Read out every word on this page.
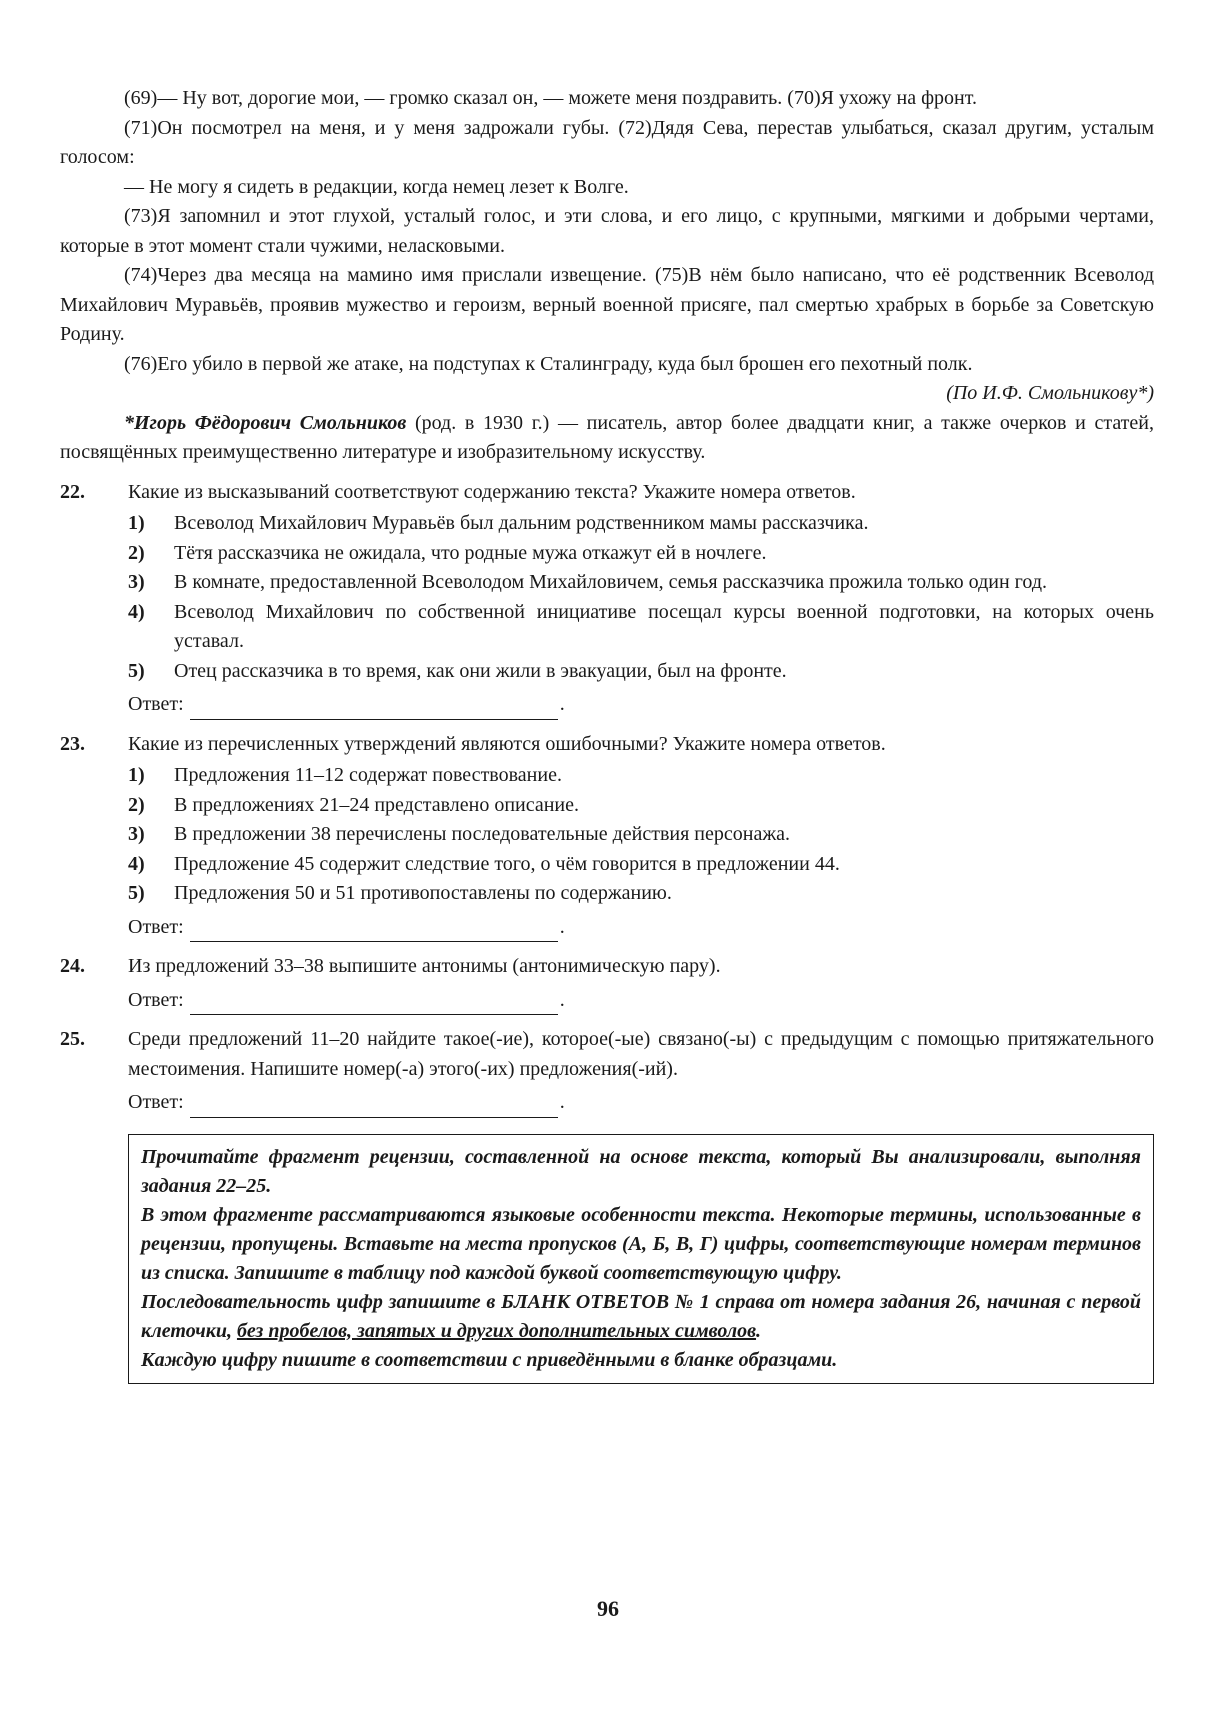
(69)— Ну вот, дорогие мои, — громко сказал он, — можете меня поздравить. (70)Я ухожу на фронт.

(71)Он посмотрел на меня, и у меня задрожали губы. (72)Дядя Сева, перестав улыбаться, сказал другим, усталым голосом:

— Не могу я сидеть в редакции, когда немец лезет к Волге.

(73)Я запомнил и этот глухой, усталый голос, и эти слова, и его лицо, с крупными, мягкими и добрыми чертами, которые в этот момент стали чужими, неласковыми.

(74)Через два месяца на мамино имя прислали извещение. (75)В нём было написано, что её родственник Всеволод Михайлович Муравьёв, проявив мужество и героизм, верный военной присяге, пал смертью храбрых в борьбе за Советскую Родину.

(76)Его убило в первой же атаке, на подступах к Сталинграду, куда был брошен его пехотный полк.

(По И.Ф. Смольникову*)

*Игорь Фёдорович Смольников (род. в 1930 г.) — писатель, автор более двадцати книг, а также очерков и статей, посвящённых преимущественно литературе и изобразительному искусству.

22. Какие из высказываний соответствуют содержанию текста? Укажите номера ответов.

1)	Всеволод Михайлович Муравьёв был дальним родственником мамы рассказчика.
2)	Тётя рассказчика не ожидала, что родные мужа откажут ей в ночлеге.
3)	В комнате, предоставленной Всеволодом Михайловичем, семья рассказчика прожила только один год.
4)	Всеволод Михайлович по собственной инициативе посещал курсы военной подготовки, на которых очень уставал.
5)	Отец рассказчика в то время, как они жили в эвакуации, был на фронте.
Ответ:	.
23. Какие из перечисленных утверждений являются ошибочными? Укажите номера ответов.

1)	Предложения 11–12 содержат повествование.
2)	В предложениях 21–24 представлено описание.
3)	В предложении 38 перечислены последовательные действия персонажа.
4)	Предложение 45 содержит следствие того, о чём говорится в предложении 44.
5)	Предложения 50 и 51 противопоставлены по содержанию.
Ответ:	.
24. Из предложений 33–38 выпишите антонимы (антонимическую пару).

Ответ:	.
25. Среди предложений 11–20 найдите такое(-ие), которое(-ые) связано(-ы) с предыдущим с помощью притяжательного местоимения. Напишите номер(-а) этого(-их) предложения(-ий).

Ответ:	.

Прочитайте фрагмент рецензии, составленной на основе текста, который Вы анализировали, выполняя задания 22–25.

В этом фрагменте рассматриваются языковые особенности текста. Некоторые термины, использованные в рецензии, пропущены. Вставьте на места пропусков (А, Б, В, Г) цифры, соответствующие номерам терминов из списка. Запишите в таблицу под каждой буквой соответствующую цифру.

Последовательность цифр запишите в БЛАНК ОТВЕТОВ № 1 справа от номера задания 26, начиная с первой клеточки, без пробелов, запятых и других дополнительных символов.

Каждую цифру пишите в соответствии с приведёнными в бланке образцами.

96
